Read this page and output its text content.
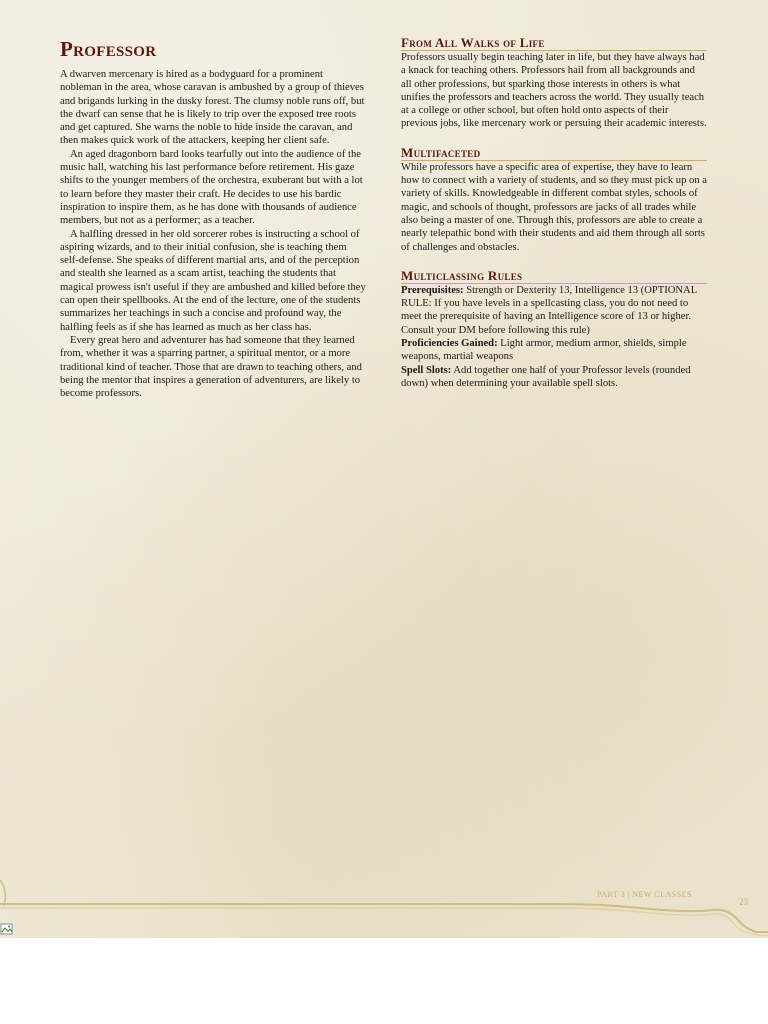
Professor

A dwarven mercenary is hired as a bodyguard for a prominent nobleman in the area, whose caravan is ambushed by a group of thieves and brigands lurking in the dusky forest. The clumsy noble runs off, but the dwarf can sense that he is likely to trip over the exposed tree roots and get captured. She warns the noble to hide inside the caravan, and then makes quick work of the attackers, keeping her client safe.

An aged dragonborn bard looks tearfully out into the audience of the music hall, watching his last performance before retirement. His gaze shifts to the younger members of the orchestra, exuberant but with a lot to learn before they master their craft. He decides to use his bardic inspiration to inspire them, as he has done with thousands of audience members, but not as a performer; as a teacher.

A halfling dressed in her old sorcerer robes is instructing a school of aspiring wizards, and to their initial confusion, she is teaching them self-defense. She speaks of different martial arts, and of the perception and stealth she learned as a scam artist, teaching the students that magical prowess isn't useful if they are ambushed and killed before they can open their spellbooks. At the end of the lecture, one of the students summarizes her teachings in such a concise and profound way, the halfling feels as if she has learned as much as her class has.

Every great hero and adventurer has had someone that they learned from, whether it was a sparring partner, a spiritual mentor, or a more traditional kind of teacher. Those that are drawn to teaching others, and being the mentor that inspires a generation of adventurers, are likely to become professors.

From All Walks of Life

Professors usually begin teaching later in life, but they have always had a knack for teaching others. Professors hail from all backgrounds and all other professions, but sparking those interests in others is what unifies the professors and teachers across the world. They usually teach at a college or other school, but often hold onto aspects of their previous jobs, like mercenary work or persuing their academic interests.

Multifaceted

While professors have a specific area of expertise, they have to learn how to connect with a variety of students, and so they must pick up on a variety of skills. Knowledgeable in different combat styles, schools of magic, and schools of thought, professors are jacks of all trades while also being a master of one. Through this, professors are able to create a nearly telepathic bond with their students and aid them through all sorts of challenges and obstacles.

Multiclassing Rules

Prerequisites: Strength or Dexterity 13, Intelligence 13 (OPTIONAL RULE: If you have levels in a spellcasting class, you do not need to meet the prerequisite of having an Intelligence score of 13 or higher. Consult your DM before following this rule)

Proficiencies Gained: Light armor, medium armor, shields, simple weapons, martial weapons

Spell Slots: Add together one half of your Professor levels (rounded down) when determining your available spell slots.

PART 3 | NEW CLASSES
23
